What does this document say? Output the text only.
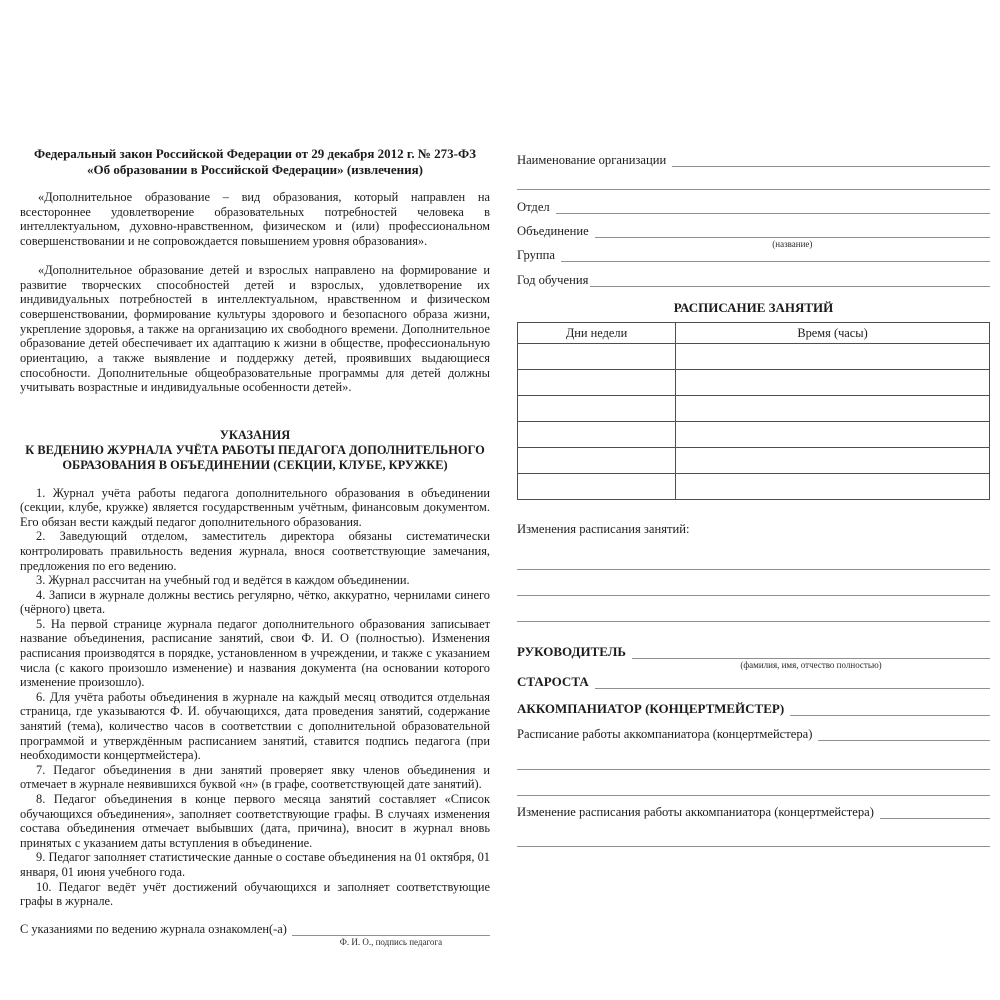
Федеральный закон Российской Федерации от 29 декабря 2012 г. № 273-ФЗ
«Об образовании в Российской Федерации» (извлечения)

«Дополнительное образование – вид образования, который направлен на всестороннее удовлетворение образовательных потребностей человека в интеллектуальном, духовно-нравственном, физическом и (или) профессиональном совершенствовании и не сопровождается повышением уровня образования».

«Дополнительное образование детей и взрослых направлено на формирование и развитие творческих способностей детей и взрослых, удовлетворение их индивидуальных потребностей в интеллектуальном, нравственном и физическом совершенствовании, формирование культуры здорового и безопасного образа жизни, укрепление здоровья, а также на организацию их свободного времени. Дополнительное образование детей обеспечивает их адаптацию к жизни в обществе, профессиональную ориентацию, а также выявление и поддержку детей, проявивших выдающиеся способности. Дополнительные общеобразовательные программы для детей должны учитывать возрастные и индивидуальные особенности детей».

УКАЗАНИЯ
К ВЕДЕНИЮ ЖУРНАЛА УЧЁТА РАБОТЫ ПЕДАГОГА ДОПОЛНИТЕЛЬНОГО
ОБРАЗОВАНИЯ В ОБЪЕДИНЕНИИ (СЕКЦИИ, КЛУБЕ, КРУЖКЕ)

1. Журнал учёта работы педагога дополнительного образования в объединении (секции, клубе, кружке) является государственным учётным, финансовым документом. Его обязан вести каждый педагог дополнительного образования.

2. Заведующий отделом, заместитель директора обязаны систематически контролировать правильность ведения журнала, внося соответствующие замечания, предложения по его ведению.

3. Журнал рассчитан на учебный год и ведётся в каждом объединении.

4. Записи в журнале должны вестись регулярно, чётко, аккуратно, чернилами синего (чёрного) цвета.

5. На первой странице журнала педагог дополнительного образования записывает название объединения, расписание занятий, свои Ф. И. О (полностью). Изменения расписания производятся в порядке, установленном в учреждении, и также с указанием числа (с какого произошло изменение) и названия документа (на основании которого изменение произошло).

6. Для учёта работы объединения в журнале на каждый месяц отводится отдельная страница, где указываются Ф. И. обучающихся, дата проведения занятий, содержание занятий (тема), количество часов в соответствии с дополнительной образовательной программой и утверждённым расписанием занятий, ставится подпись педагога (при необходимости концертмейстера).

7. Педагог объединения в дни занятий проверяет явку членов объединения и отмечает в журнале неявившихся буквой «н» (в графе, соответствующей дате занятий).

8. Педагог объединения в конце первого месяца занятий составляет «Список обучающихся объединения», заполняет соответствующие графы. В случаях изменения состава объединения отмечает выбывших (дата, причина), вносит в журнал вновь принятых с указанием даты вступления в объединение.

9. Педагог заполняет статистические данные о составе объединения на 01 октября, 01 января, 01 июня учебного года.

10. Педагог ведёт учёт достижений обучающихся и заполняет соответствующие графы в журнале.

С указаниями по ведению журнала ознакомлен(-а)
Ф. И. О., подпись педагога
Наименование организации
Отдел
Объединение
(название)
Группа
Год обучения
РАСПИСАНИЕ ЗАНЯТИЙ
Дни недели	Время (часы)

Изменения расписания занятий:
РУКОВОДИТЕЛЬ
(фамилия, имя, отчество полностью)
СТАРОСТА
АККОМПАНИАТОР (КОНЦЕРТМЕЙСТЕР)
Расписание работы аккомпаниатора (концертмейстера)
Изменение расписания работы аккомпаниатора (концертмейстера)
